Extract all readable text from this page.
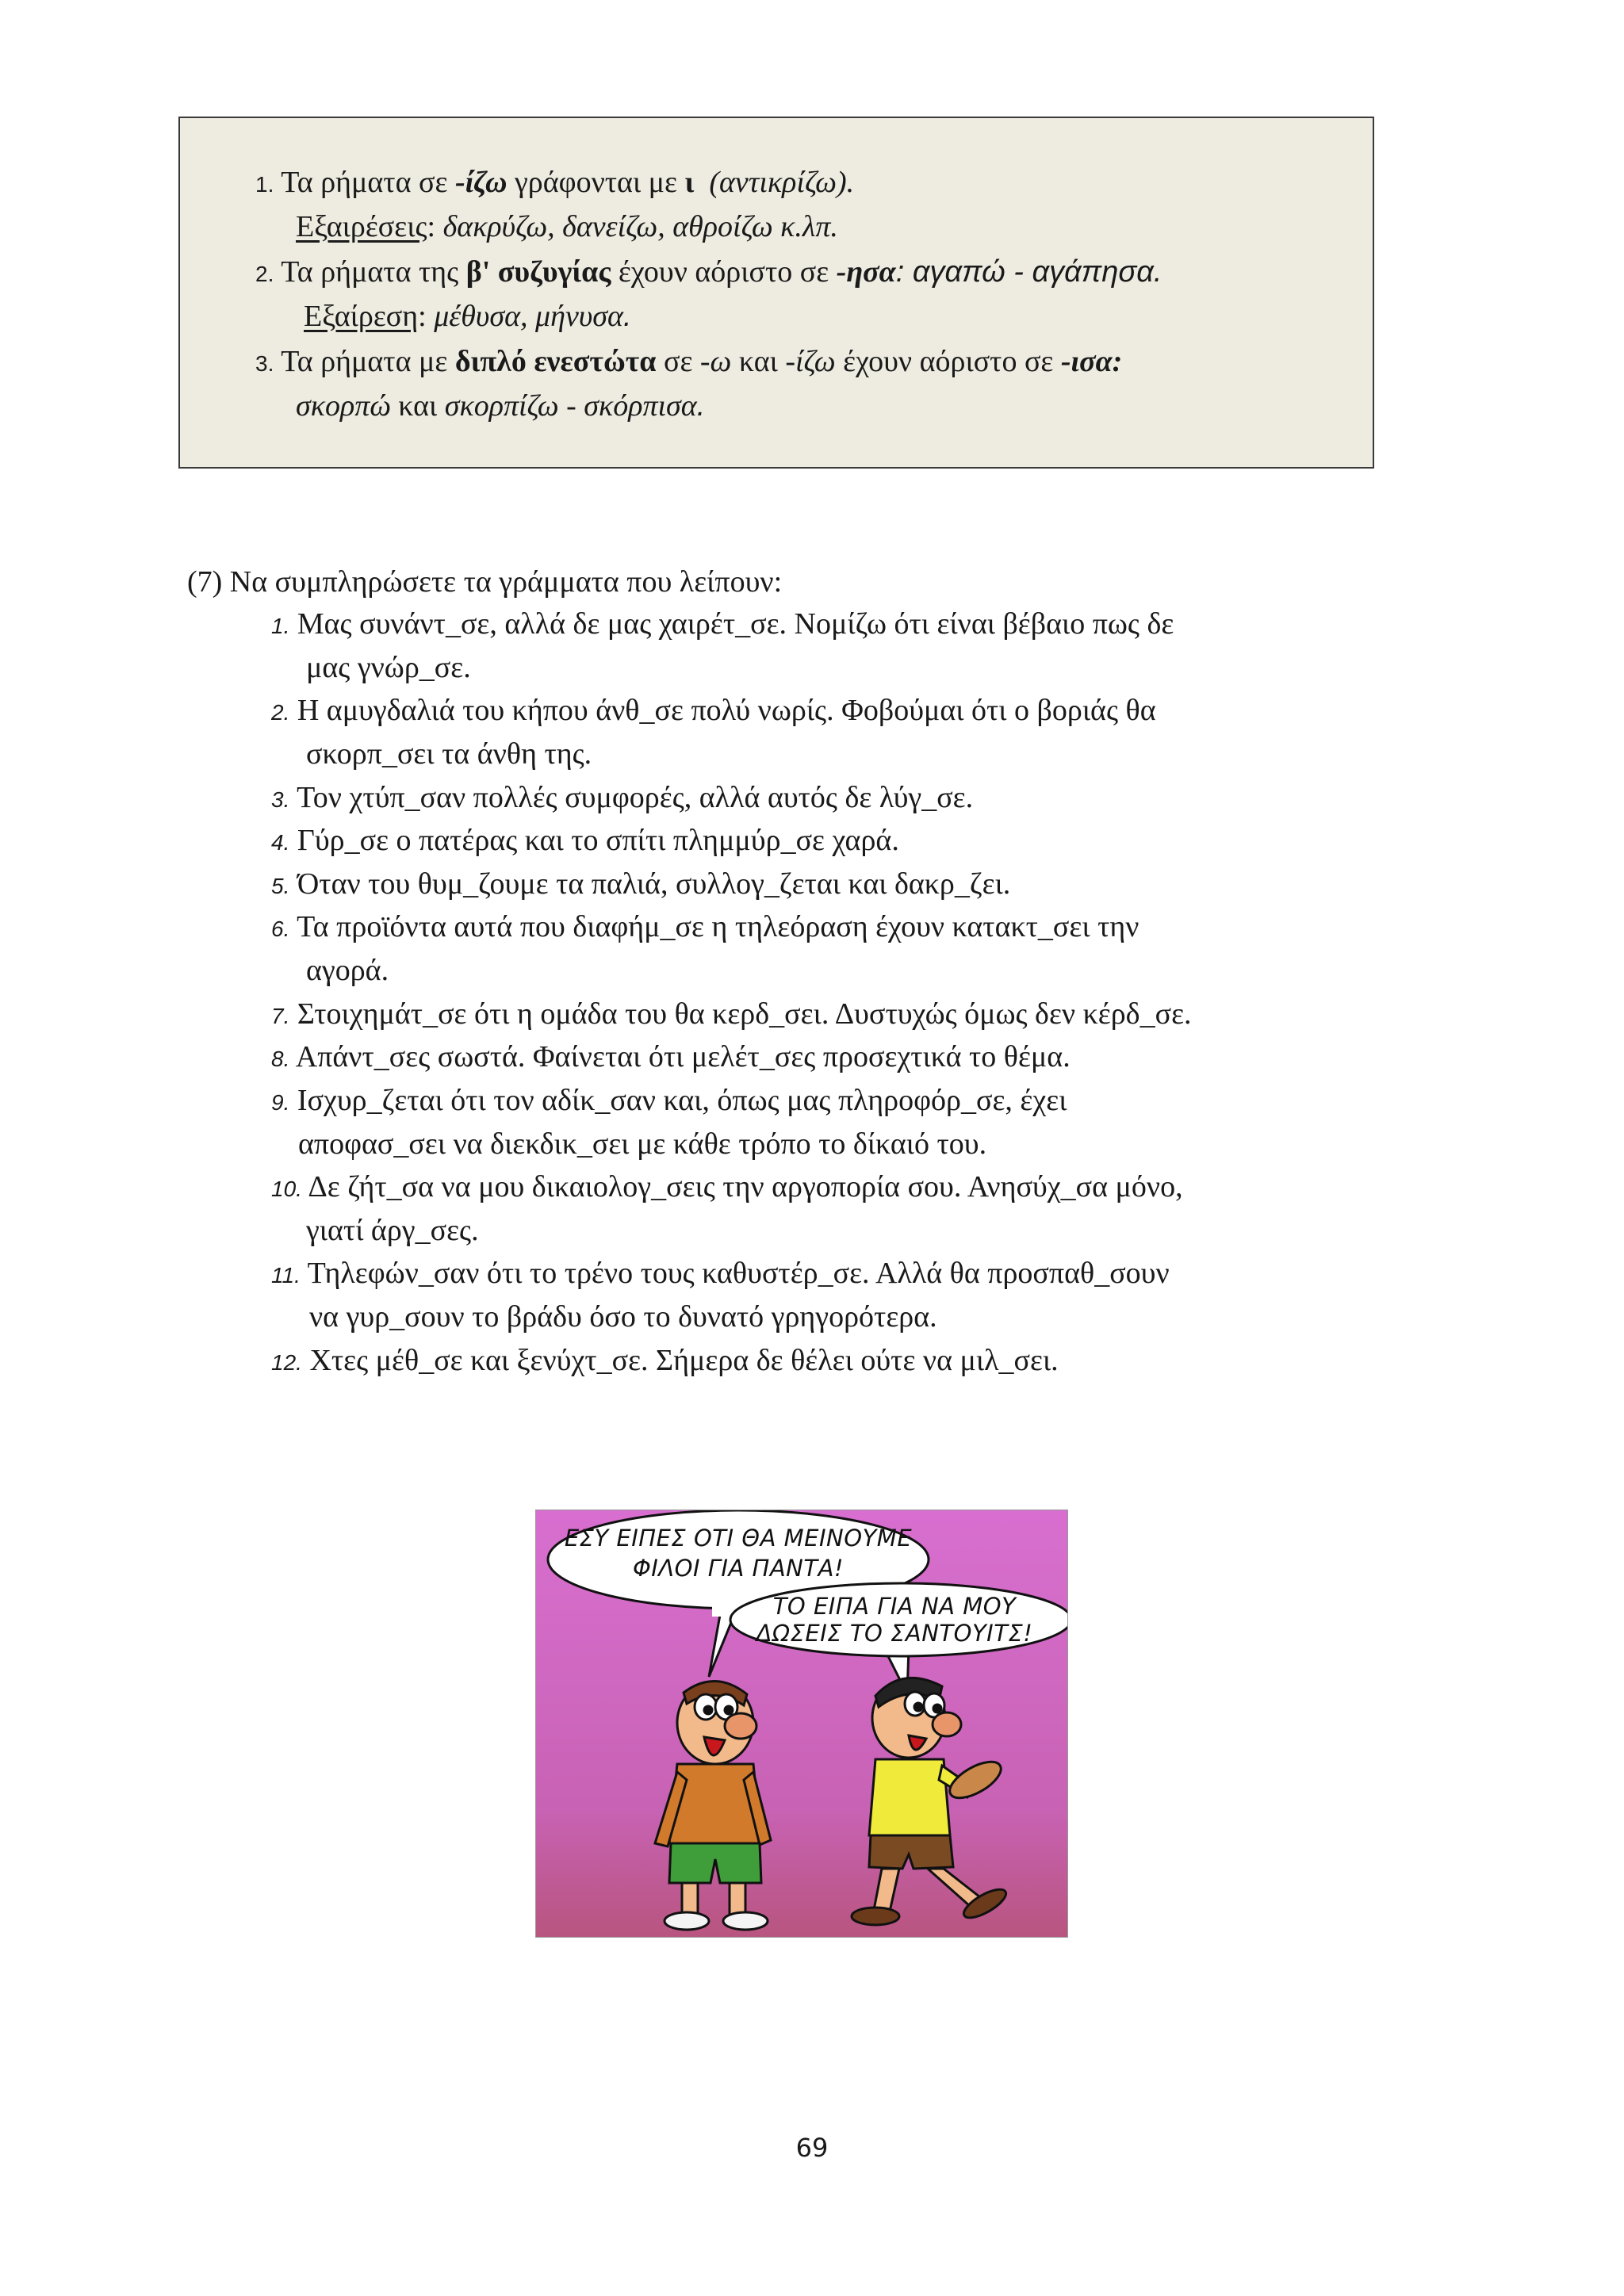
1. Τα ρήματα σε -ίζω γράφονται με ι (αντικρίζω).
Εξαιρέσεις: δακρύζω, δανείζω, αθροίζω κ.λπ.
2. Τα ρήματα της β' συζυγίας έχουν αόριστο σε -ησα: αγαπώ - αγάπησα.
Εξαίρεση: μέθυσα, μήνυσα.
3. Τα ρήματα με διπλό ενεστώτα σε -ω και -ίζω έχουν αόριστο σε -ισα:
σκορπώ και σκορπίζω - σκόρπισα.
(7) Να συμπληρώσετε τα γράμματα που λείπουν:
1. Μας συνάντ_σε, αλλά δε μας χαιρέτ_σε. Νομίζω ότι είναι βέβαιο πως δε
μας γνώρ_σε.
2. Η αμυγδαλιά του κήπου άνθ_σε πολύ νωρίς. Φοβούμαι ότι ο βοριάς θα
σκορπ_σει τα άνθη της.
3. Τον χτύπ_σαν πολλές συμφορές, αλλά αυτός δε λύγ_σε.
4. Γύρ_σε ο πατέρας και το σπίτι πλημμύρ_σε χαρά.
5. Όταν του θυμ_ζουμε τα παλιά, συλλογ_ζεται και δακρ_ζει.
6. Τα προϊόντα αυτά που διαφήμ_σε η τηλεόραση έχουν κατακτ_σει την
αγορά.
7. Στοιχημάτ_σε ότι η ομάδα του θα κερδ_σει. Δυστυχώς όμως δεν κέρδ_σε.
8. Απάντ_σες σωστά. Φαίνεται ότι μελέτ_σες προσεχτικά το θέμα.
9. Ισχυρ_ζεται ότι τον αδίκ_σαν και, όπως μας πληροφόρ_σε, έχει
αποφασ_σει να διεκδικ_σει με κάθε τρόπο το δίκαιό του.
10. Δε ζήτ_σα να μου δικαιολογ_σεις την αργοπορία σου. Ανησύχ_σα μόνο,
γιατί άργ_σες.
11. Τηλεφών_σαν ότι το τρένο τους καθυστέρ_σε. Αλλά θα προσπαθ_σουν
να γυρ_σουν το βράδυ όσο το δυνατό γρηγορότερα.
12. Χτες μέθ_σε και ξενύχτ_σε. Σήμερα δε θέλει ούτε να μιλ_σει.
ΕΣΥ ΕΙΠΕΣ ΟΤΙ ΘΑ ΜΕΙΝΟΥΜΕ
ΦΙΛΟΙ ΓΙΑ ΠΑΝΤΑ!
ΤΟ ΕΙΠΑ ΓΙΑ ΝΑ ΜΟΥ
ΔΩΣΕΙΣ ΤΟ ΣΑΝΤΟΥΙΤΣ!
69
